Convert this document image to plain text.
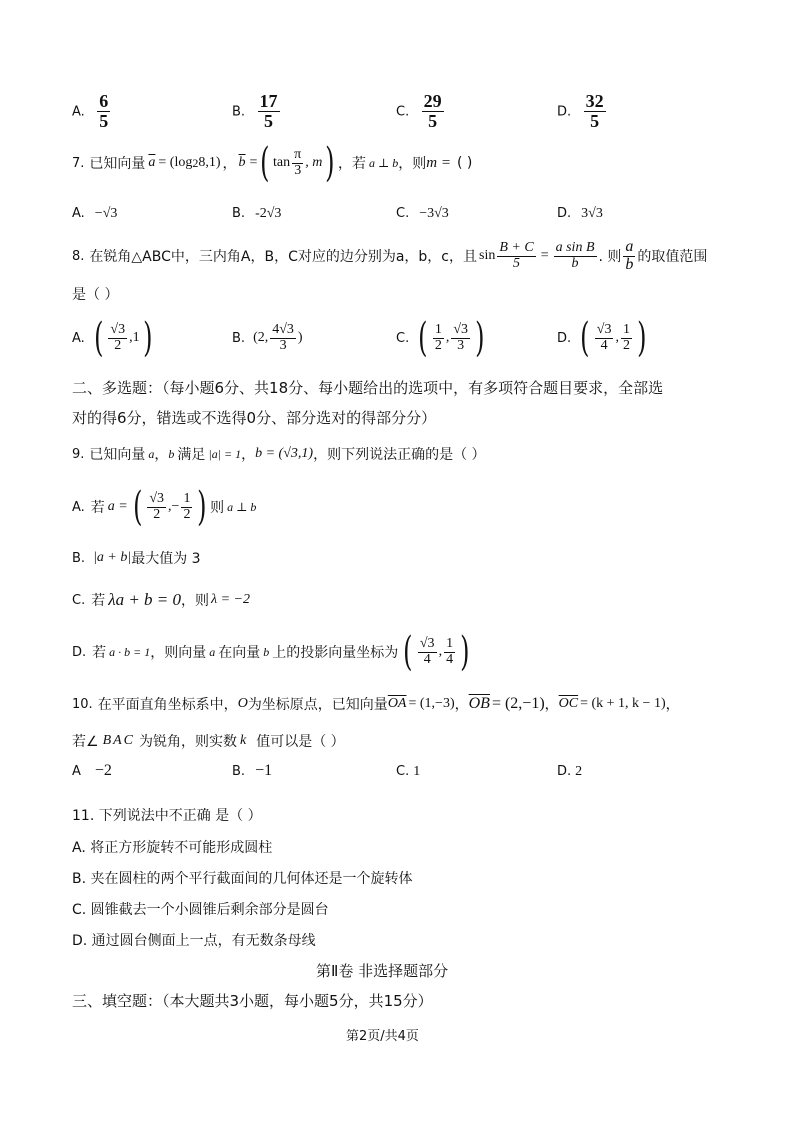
A. $\frac{6}{5}$	B. $\frac{17}{5}$	C. $\frac{29}{5}$	D. $\frac{32}{5}$
7. 已知向量 $\overline{a} = (\log$ 2 8,1) ， $\overline{b}$ = ( $\tan \frac{\pi}{3}$ , m ) ，若 a ⊥ b ，则 m = ( )
A. −√3	B. -2√3	C. −3√3	D. 3√3
8. 在锐角△ABC中，三内角A，B，C对应的边分别为a，b，c，且 $\sin \frac{B + C}{5} = \frac{\text{a sin B}}{b}$ . 则 $\frac{a}{b}$ 的取值范围
是（ ）
A. ( $\frac{√3}{2} ,1$ )	B. (2, $\frac{4√3}{3}$ )	C. ( $\frac{1}{2}$ , $\frac{√3}{3}$ )	D. ( $\frac{√3}{4}$ , $\frac{1}{2}$ )
二、多选题：（每小题6分、共18分、每小题给出的选项中，有多项符合题目要求，全部选
对的得6分，错选或不选得0分、部分选对的得部分分）
9. 已知向量 a ， b 满足 |a| = 1 ， b = (√3,1) ，则下列说法正确的是（ ）
A. 若 a = ( $\frac{√3}{2}$ ,− $\frac{1}{2}$ ) 则 a ⊥ b
B. |a + b| 最大值为 3
C. 若 λa + b = 0 ，则 λ = −2
D. 若 a · b = 1 ，则向量 a 在向量 b 上的投影向量坐标为 ( $\frac{√3}{4}$ , $\frac{1}{4}$ )
10. 在平面直角坐标系中， O 为坐标原点，已知向量 $\overline{OA} = (1,-3)$ ， $\overline{OB} = (2,-1)$ ， $\overline{OC} = (k + 1$, k − 1) ，
若∠ BAC 为锐角，则实数 k 值可以是（ ）
A −2	B. −1	C. 1	D. 2
11. 下列说法中不正确 是（ ）
A. 将正方形旋转不可能形成圆柱
B. 夹在圆柱的两个平行截面间的几何体还是一个旋转体
C. 圆锥截去一个小圆锥后剩余部分是圆台
D. 通过圆台侧面上一点，有无数条母线
第Ⅱ卷 非选择题部分
三、填空题：（本大题共3小题，每小题5分，共15分）
第2页/共4页
